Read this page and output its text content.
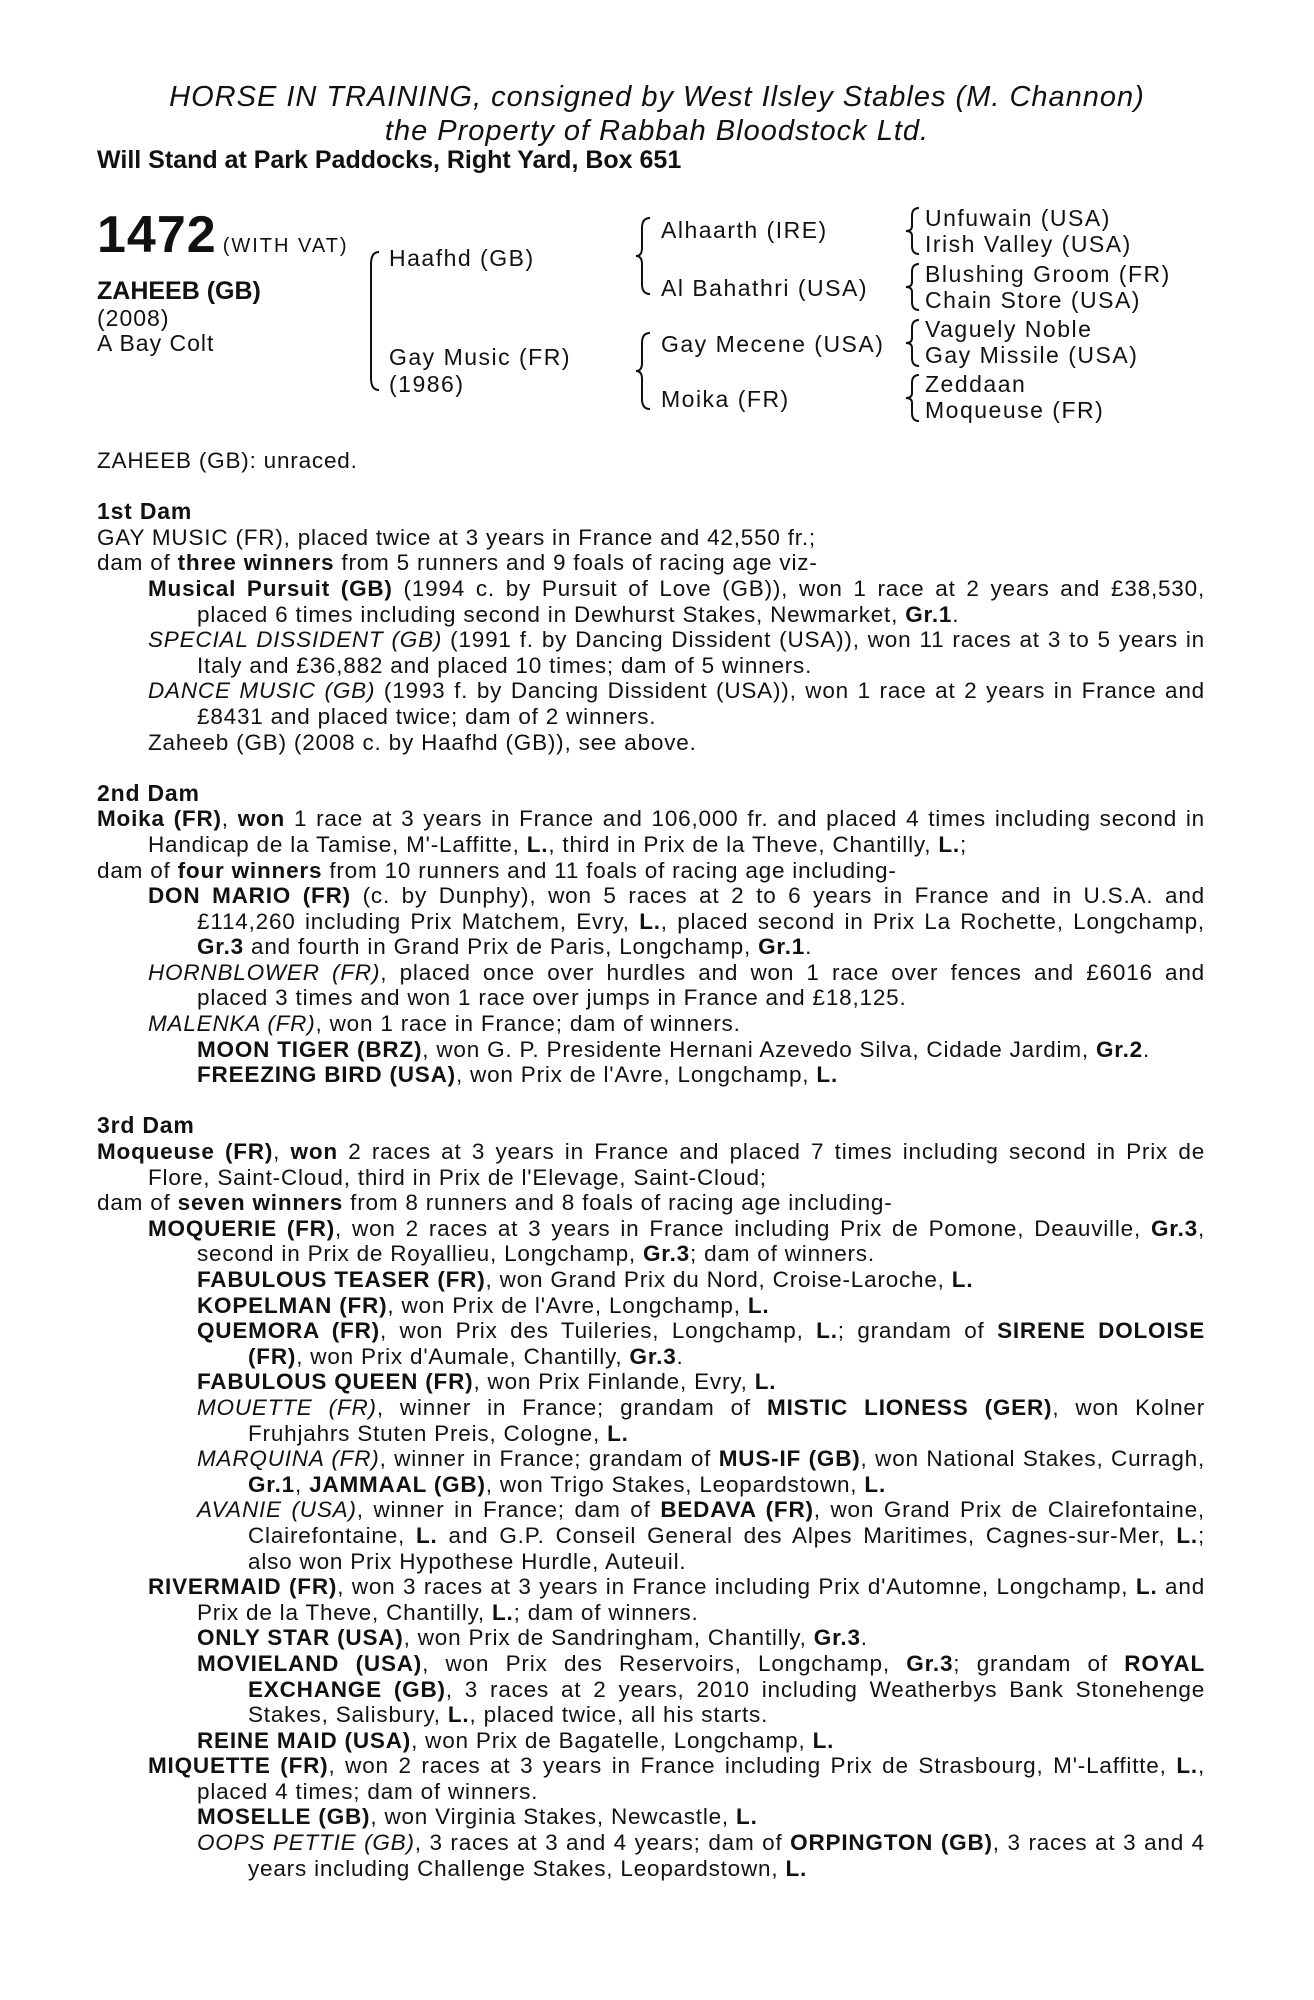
HORSE IN TRAINING, consigned by West Ilsley Stables (M. Channon)
the Property of Rabbah Bloodstock Ltd.
Will Stand at Park Paddocks, Right Yard, Box 651
1472 (WITH VAT)
ZAHEEB (GB)
(2008)
A Bay Colt
Haafhd (GB)
Gay Music (FR)
(1986)
Alhaarth (IRE)
Al Bahathri (USA)
Gay Mecene (USA)
Moika (FR)
Unfuwain (USA)
Irish Valley (USA)
Blushing Groom (FR)
Chain Store (USA)
Vaguely Noble
Gay Missile (USA)
Zeddaan
Moqueuse (FR)

ZAHEEB (GB): unraced.

1st Dam

GAY MUSIC (FR), placed twice at 3 years in France and 42,550 fr.;

dam of three winners from 5 runners and 9 foals of racing age viz-

Musical Pursuit (GB) (1994 c. by Pursuit of Love (GB)), won 1 race at 2 years and £38,530, placed 6 times including second in Dewhurst Stakes, Newmarket, Gr.1.

SPECIAL DISSIDENT (GB) (1991 f. by Dancing Dissident (USA)), won 11 races at 3 to 5 years in Italy and £36,882 and placed 10 times; dam of 5 winners.

DANCE MUSIC (GB) (1993 f. by Dancing Dissident (USA)), won 1 race at 2 years in France and £8431 and placed twice; dam of 2 winners.

Zaheeb (GB) (2008 c. by Haafhd (GB)), see above.

2nd Dam

Moika (FR), won 1 race at 3 years in France and 106,000 fr. and placed 4 times including second in Handicap de la Tamise, M'-Laffitte, L., third in Prix de la Theve, Chantilly, L.;

dam of four winners from 10 runners and 11 foals of racing age including-

DON MARIO (FR) (c. by Dunphy), won 5 races at 2 to 6 years in France and in U.S.A. and £114,260 including Prix Matchem, Evry, L., placed second in Prix La Rochette, Longchamp, Gr.3 and fourth in Grand Prix de Paris, Longchamp, Gr.1.

HORNBLOWER (FR), placed once over hurdles and won 1 race over fences and £6016 and placed 3 times and won 1 race over jumps in France and £18,125.

MALENKA (FR), won 1 race in France; dam of winners.

MOON TIGER (BRZ), won G. P. Presidente Hernani Azevedo Silva, Cidade Jardim, Gr.2.

FREEZING BIRD (USA), won Prix de l'Avre, Longchamp, L.

3rd Dam

Moqueuse (FR), won 2 races at 3 years in France and placed 7 times including second in Prix de Flore, Saint-Cloud, third in Prix de l'Elevage, Saint-Cloud;

dam of seven winners from 8 runners and 8 foals of racing age including-

MOQUERIE (FR), won 2 races at 3 years in France including Prix de Pomone, Deauville, Gr.3, second in Prix de Royallieu, Longchamp, Gr.3; dam of winners.

FABULOUS TEASER (FR), won Grand Prix du Nord, Croise-Laroche, L.

KOPELMAN (FR), won Prix de l'Avre, Longchamp, L.

QUEMORA (FR), won Prix des Tuileries, Longchamp, L.; grandam of SIRENE DOLOISE (FR), won Prix d'Aumale, Chantilly, Gr.3.

FABULOUS QUEEN (FR), won Prix Finlande, Evry, L.

MOUETTE (FR), winner in France; grandam of MISTIC LIONESS (GER), won Kolner Fruhjahrs Stuten Preis, Cologne, L.

MARQUINA (FR), winner in France; grandam of MUS-IF (GB), won National Stakes, Curragh, Gr.1, JAMMAAL (GB), won Trigo Stakes, Leopardstown, L.

AVANIE (USA), winner in France; dam of BEDAVA (FR), won Grand Prix de Clairefontaine, Clairefontaine, L. and G.P. Conseil General des Alpes Maritimes, Cagnes-sur-Mer, L.; also won Prix Hypothese Hurdle, Auteuil.

RIVERMAID (FR), won 3 races at 3 years in France including Prix d'Automne, Longchamp, L. and Prix de la Theve, Chantilly, L.; dam of winners.

ONLY STAR (USA), won Prix de Sandringham, Chantilly, Gr.3.

MOVIELAND (USA), won Prix des Reservoirs, Longchamp, Gr.3; grandam of ROYAL EXCHANGE (GB), 3 races at 2 years, 2010 including Weatherbys Bank Stonehenge Stakes, Salisbury, L., placed twice, all his starts.

REINE MAID (USA), won Prix de Bagatelle, Longchamp, L.

MIQUETTE (FR), won 2 races at 3 years in France including Prix de Strasbourg, M'-Laffitte, L., placed 4 times; dam of winners.

MOSELLE (GB), won Virginia Stakes, Newcastle, L.

OOPS PETTIE (GB), 3 races at 3 and 4 years; dam of ORPINGTON (GB), 3 races at 3 and 4 years including Challenge Stakes, Leopardstown, L.
